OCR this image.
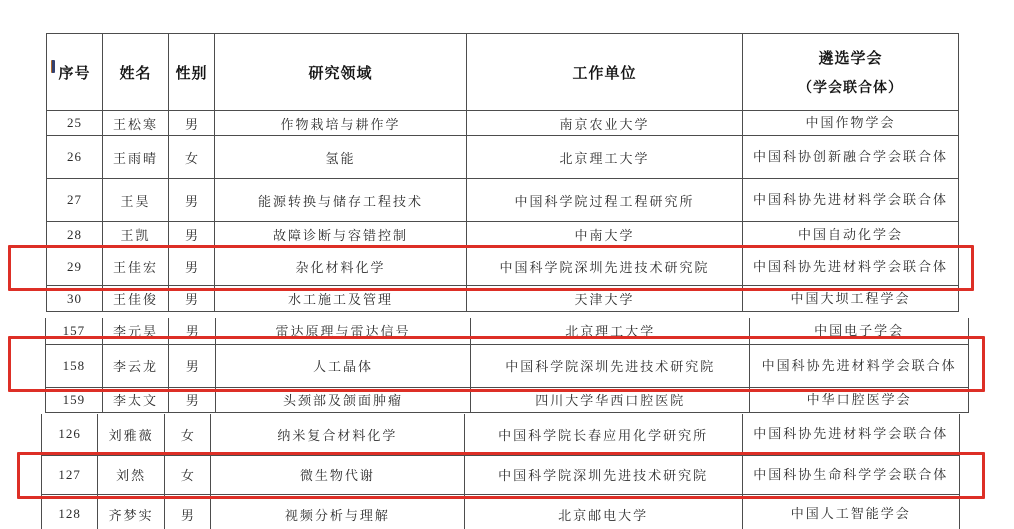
序号	姓名	性别	研究领域	工作单位	遴选学会
（学会联合体）

25	王松寒	男	作物栽培与耕作学	南京农业大学	中国作物学会
26	王雨晴	女	氢能	北京理工大学	中国科协创新融合学会联合体
27	王昊	男	能源转换与储存工程技术	中国科学院过程工程研究所	中国科协先进材料学会联合体
28	王凯	男	故障诊断与容错控制	中南大学	中国自动化学会
29	王佳宏	男	杂化材料化学	中国科学院深圳先进技术研究院	中国科协先进材料学会联合体
30	王佳俊	男	水工施工及管理	天津大学	中国大坝工程学会
157	李元昊	男	雷达原理与雷达信号	北京理工大学	中国电子学会
158	李云龙	男	人工晶体	中国科学院深圳先进技术研究院	中国科协先进材料学会联合体
159	李太文	男	头颈部及颌面肿瘤	四川大学华西口腔医院	中华口腔医学会
126	刘雅薇	女	纳米复合材料化学	中国科学院长春应用化学研究所	中国科协先进材料学会联合体
127	刘然	女	微生物代谢	中国科学院深圳先进技术研究院	中国科协生命科学学会联合体
128	齐梦实	男	视频分析与理解	北京邮电大学	中国人工智能学会
